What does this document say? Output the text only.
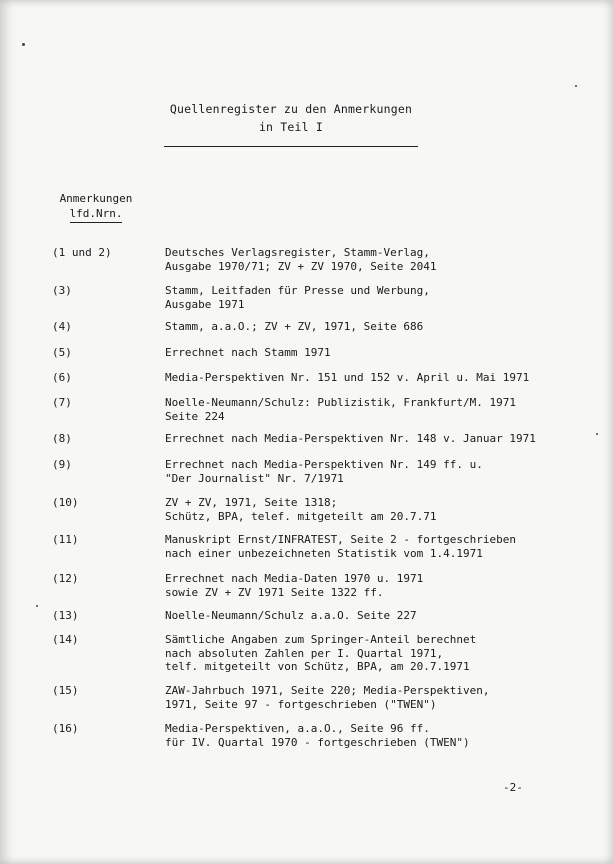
Quellenregister zu den Anmerkungen
in Teil I
Anmerkungen
lfd.Nrn.
(1 und 2)	Deutsches Verlagsregister, Stamm-Verlag,
Ausgabe 1970/71; ZV + ZV 1970, Seite 2041
(3)	Stamm, Leitfaden für Presse und Werbung,
Ausgabe 1971
(4)	Stamm, a.a.O.; ZV + ZV, 1971, Seite 686
(5)	Errechnet nach Stamm 1971
(6)	Media-Perspektiven Nr. 151 und 152 v. April u. Mai 1971
(7)	Noelle-Neumann/Schulz: Publizistik, Frankfurt/M. 1971
Seite 224
(8)	Errechnet nach Media-Perspektiven Nr. 148 v. Januar 1971
(9)	Errechnet nach Media-Perspektiven Nr. 149 ff. u.
"Der Journalist" Nr. 7/1971
(10)	ZV + ZV, 1971, Seite 1318;
Schütz, BPA, telef. mitgeteilt am 20.7.71
(11)	Manuskript Ernst/INFRATEST, Seite 2 - fortgeschrieben
nach einer unbezeichneten Statistik vom 1.4.1971
(12)	Errechnet nach Media-Daten 1970 u. 1971
sowie ZV + ZV 1971 Seite 1322 ff.
(13)	Noelle-Neumann/Schulz a.a.O. Seite 227
(14)	Sämtliche Angaben zum Springer-Anteil berechnet
nach absoluten Zahlen per I. Quartal 1971,
telf. mitgeteilt von Schütz, BPA, am 20.7.1971
(15)	ZAW-Jahrbuch 1971, Seite 220; Media-Perspektiven,
1971, Seite 97 - fortgeschrieben ("TWEN")
(16)	Media-Perspektiven, a.a.O., Seite 96 ff.
für IV. Quartal 1970 - fortgeschrieben (TWEN")
-2-
